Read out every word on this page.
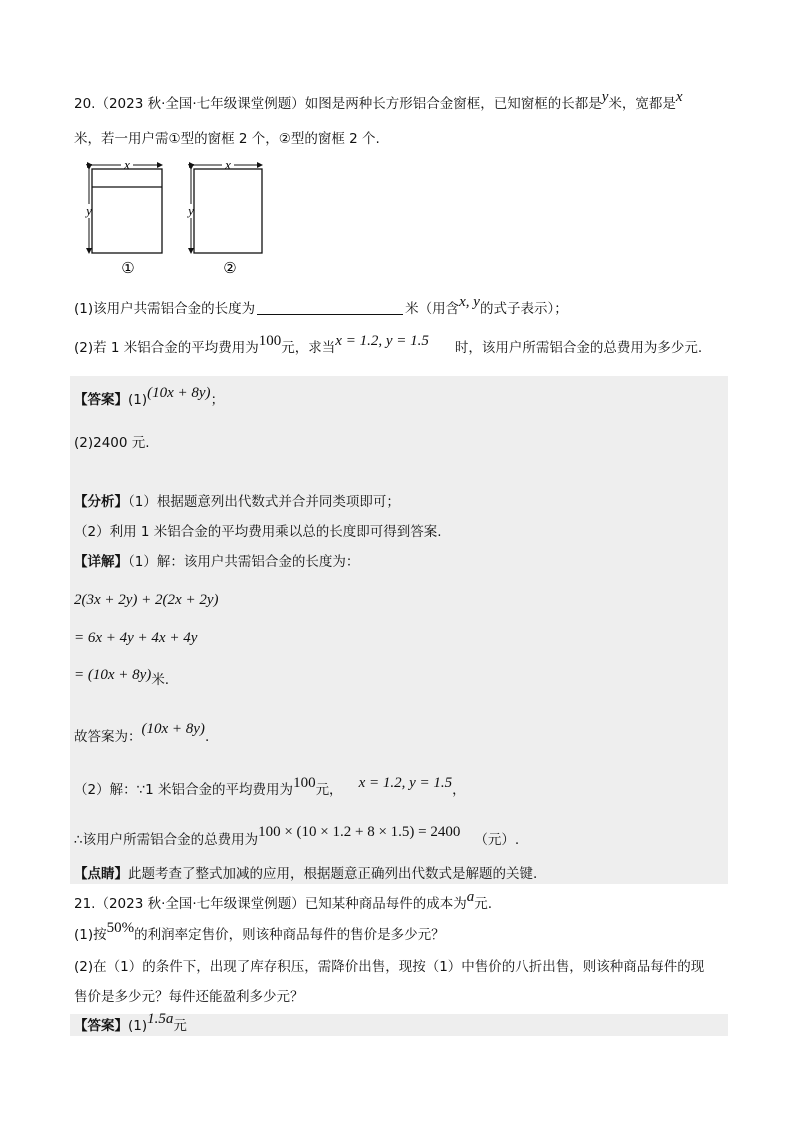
20.（2023 秋·全国·七年级课堂例题）如图是两种长方形铝合金窗框，已知窗框的长都是y米，宽都是x
米，若一用户需①型的窗框 2 个，②型的窗框 2 个.
x
y
①
x
y
②
(1)该用户共需铝合金的长度为	米（用含x, y的式子表示）；
(2)若 1 米铝合金的平均费用为100元，求当x = 1.2, y = 1.5 时，该用户所需铝合金的总费用为多少元.
【答案】(1)(10x + 8y)；
(2)2400 元.
【分析】（1）根据题意列出代数式并合并同类项即可；
（2）利用 1 米铝合金的平均费用乘以总的长度即可得到答案.
【详解】（1）解：该用户共需铝合金的长度为：
2(3x + 2y) + 2(2x + 2y)
= 6x + 4y + 4x + 4y
= (10x + 8y)米.
故答案为：(10x + 8y).
（2）解：∵1 米铝合金的平均费用为100元， x = 1.2, y = 1.5，
∴该用户所需铝合金的总费用为100 × (10 × 1.2 + 8 × 1.5) = 2400 （元）.
【点睛】此题考查了整式加减的应用，根据题意正确列出代数式是解题的关键.
21.（2023 秋·全国·七年级课堂例题）已知某种商品每件的成本为a元.
(1)按50%的利润率定售价，则该种商品每件的售价是多少元？
(2)在（1）的条件下，出现了库存积压，需降价出售，现按（1）中售价的八折出售，则该种商品每件的现
售价是多少元？每件还能盈利多少元？
【答案】(1)1.5a元
